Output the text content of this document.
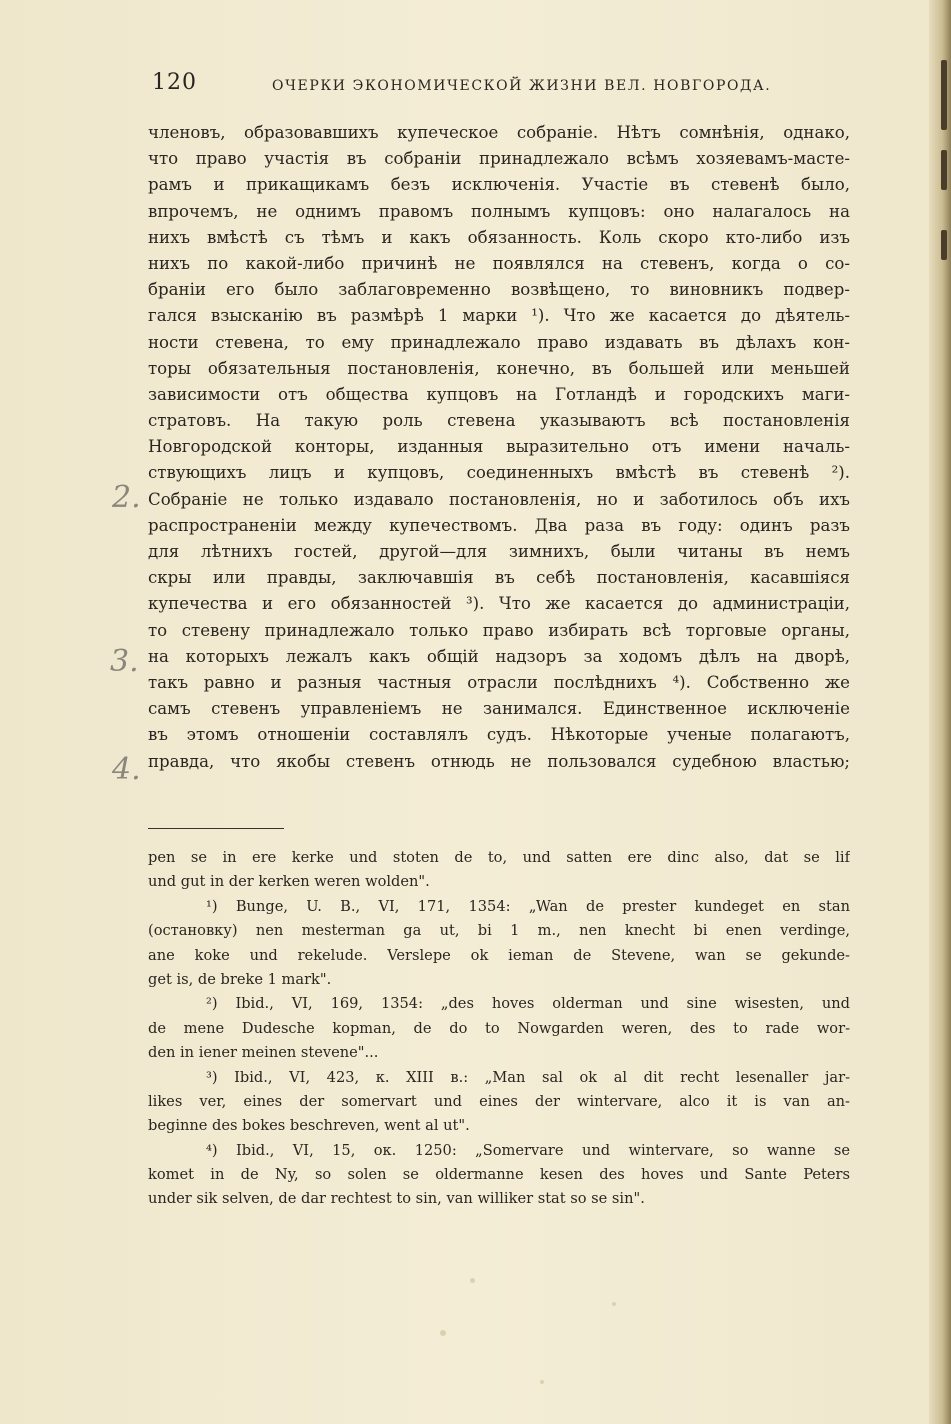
120	ОЧЕРКИ ЭКОНОМИЧЕСКОЙ ЖИЗНИ ВЕЛ. НОВГОРОДА.
2.
3.
4.
членовъ, образовавшихъ купеческое собраніе. Нѣтъ сомнѣнія, однако,
что право участія въ собраніи принадлежало всѣмъ хозяевамъ-масте-
рамъ и прикащикамъ безъ исключенія. Участіе въ стевенѣ было,
впрочемъ, не однимъ правомъ полнымъ купцовъ: оно налагалось на
нихъ вмѣстѣ съ тѣмъ и какъ обязанность. Коль скоро кто-либо изъ
нихъ по какой-либо причинѣ не появлялся на стевенъ, когда о со-
браніи его было заблаговременно возвѣщено, то виновникъ подвер-
гался взысканію въ размѣрѣ 1 марки ¹). Что же касается до дѣятель-
ности стевена, то ему принадлежало право издавать въ дѣлахъ кон-
торы обязательныя постановленія, конечно, въ большей или меньшей
зависимости отъ общества купцовъ на Готландѣ и городскихъ маги-
стратовъ. На такую роль стевена указываютъ всѣ постановленія
Новгородской конторы, изданныя выразительно отъ имени началь-
ствующихъ лицъ и купцовъ, соединенныхъ вмѣстѣ въ стевенѣ ²).
Собраніе не только издавало постановленія, но и заботилось объ ихъ
распространеніи между купечествомъ. Два раза въ году: одинъ разъ
для лѣтнихъ гостей, другой—для зимнихъ, были читаны въ немъ
скры или правды, заключавшія въ себѣ постановленія, касавшіяся
купечества и его обязанностей ³). Что же касается до администраціи,
то стевену принадлежало только право избирать всѣ торговые органы,
на которыхъ лежалъ какъ общій надзоръ за ходомъ дѣлъ на дворѣ,
такъ равно и разныя частныя отрасли послѣднихъ ⁴). Собственно же
самъ стевенъ управленіемъ не занимался. Единственное исключеніе
въ этомъ отношеніи составлялъ судъ. Нѣкоторые ученые полагаютъ,
правда, что якобы стевенъ отнюдь не пользовался судебною властью;
pen se in ere kerke und stoten de to, und satten ere dinc also, dat se lif
und gut in der kerken weren wolden".
¹) Bunge, U. B., VI, 171, 1354: „Wan de prester kundeget en stan
(остановку) nen mesterman ga ut, bi 1 m., nen knecht bi enen verdinge,
ane koke und rekelude. Verslepe ok ieman de Stevene, wan se gekunde-
get is, de breke 1 mark".
²) Ibid., VI, 169, 1354: „des hoves olderman und sine wisesten, und
de mene Dudesche kopman, de do to Nowgarden weren, des to rade wor-
den in iener meinen stevene"...
³) Ibid., VI, 423, к. XIII в.: „Man sal ok al dit recht lesenaller jar-
likes ver, eines der somervart und eines der wintervare, alco it is van an-
beginne des bokes beschreven, went al ut".
⁴) Ibid., VI, 15, ок. 1250: „Somervare und wintervare, so wanne se
komet in de Ny, so solen se oldermanne kesen des hoves und Sante Peters
under sik selven, de dar rechtest to sin, van williker stat so se sin".
